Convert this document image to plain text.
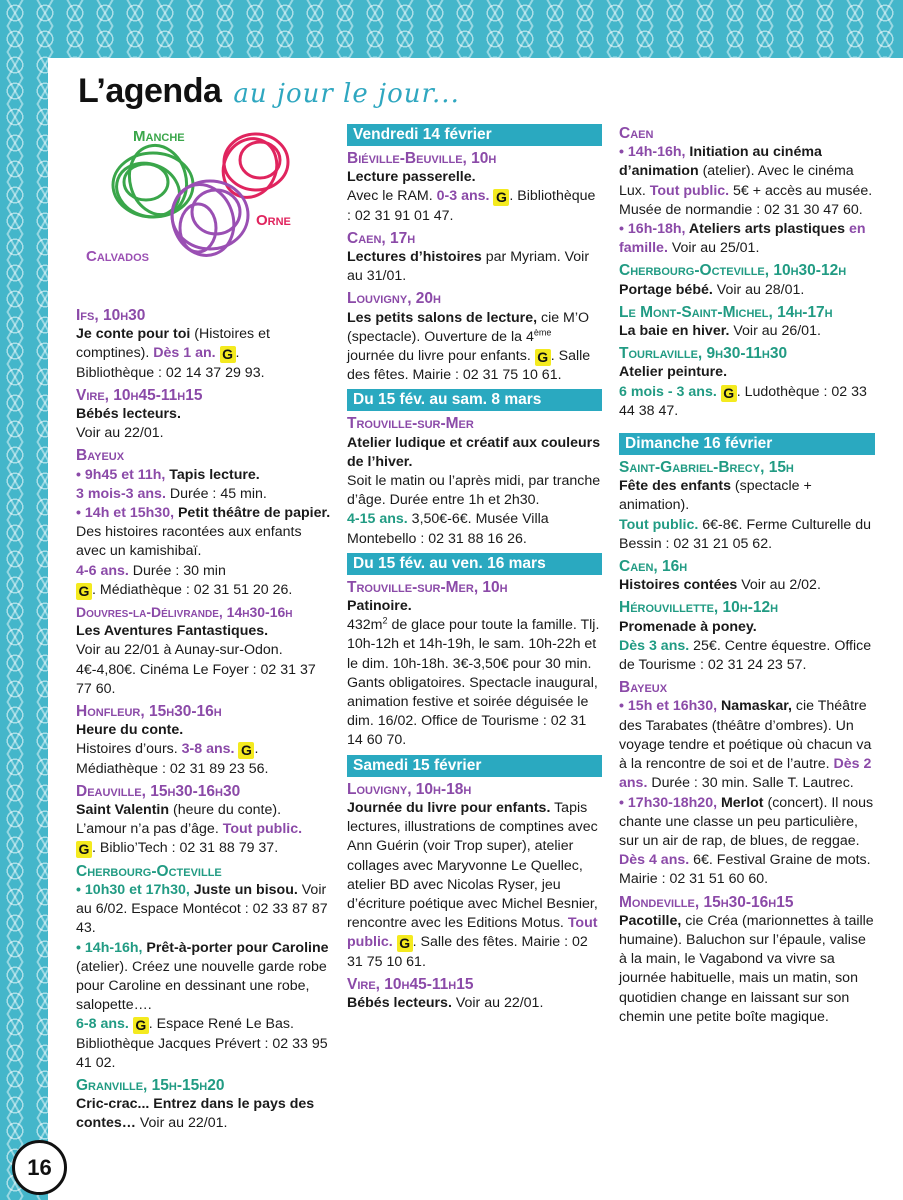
L’agenda au jour le jour...
Manche
Orne
Calvados
Ifs, 10h30
Je conte pour toi (Histoires et comptines). Dès 1 an. G .
Bibliothèque : 02 14 37 29 93.
Vire, 10h45-11h15
Bébés lecteurs.
Voir au 22/01.
Bayeux
• 9h45 et 11h, Tapis lecture.
3 mois-3 ans. Durée : 45 min.
• 14h et 15h30, Petit théâtre de papier. Des histoires racontées aux enfants avec un kamishibaï.
4-6 ans. Durée : 30 min
G . Médiathèque : 02 31 51 20 26.
Douvres-la-Délivrande, 14h30-16h
Les Aventures Fantastiques.
Voir au 22/01 à Aunay-sur-Odon. 4€-4,80€. Cinéma Le Foyer : 02 31 37 77 60.
Honfleur, 15h30-16h
Heure du conte.
Histoires d’ours. 3-8 ans. G . Médiathèque : 02 31 89 23 56.
Deauville, 15h30-16h30
Saint Valentin (heure du conte). L’amour n’a pas d’âge. Tout public.
G . Biblio’Tech : 02 31 88 79 37.
Cherbourg-Octeville
• 10h30 et 17h30, Juste un bisou. Voir au 6/02. Espace Montécot : 02 33 87 87 43.
• 14h-16h, Prêt-à-porter pour Caroline (atelier). Créez une nouvelle garde robe pour Caroline en dessinant une robe, salopette….
6-8 ans. G . Espace René Le Bas. Bibliothèque Jacques Prévert : 02 33 95 41 02.
Granville, 15h-15h20
Cric-crac... Entrez dans le pays des contes… Voir au 22/01.
Vendredi 14 février
Biéville-Beuville, 10h
Lecture passerelle.
Avec le RAM. 0-3 ans. G . Bibliothèque : 02 31 91 01 47.
Caen, 17h
Lectures d’histoires par Myriam. Voir au 31/01.
Louvigny, 20h
Les petits salons de lecture, cie M’O (spectacle). Ouverture de la 4ème journée du livre pour enfants. G . Salle des fêtes. Mairie : 02 31 75 10 61.
Du 15 fév. au sam. 8 mars
Trouville-sur-Mer
Atelier ludique et créatif aux couleurs de l’hiver.
Soit le matin ou l’après midi, par tranche d’âge. Durée entre 1h et 2h30.
4-15 ans. 3,50€-6€. Musée Villa Montebello : 02 31 88 16 26.
Du 15 fév. au ven. 16 mars
Trouville-sur-Mer, 10h
Patinoire.
$432m^2$ de glace pour toute la famille. Tlj. 10h-12h et 14h-19h, le sam. 10h-22h et le dim. 10h-18h. 3€-3,50€ pour 30 min. Gants obligatoires. Spectacle inaugural, animation festive et soirée déguisée le dim. 16/02. Office de Tourisme : 02 31 14 60 70.
Samedi 15 février
Louvigny, 10h-18h
Journée du livre pour enfants. Tapis lectures, illustrations de comptines avec Ann Guérin (voir Trop super), atelier collages avec Maryvonne Le Quellec, atelier BD avec Nicolas Ryser, jeu d’écriture poétique avec Michel Besnier, rencontre avec les Editions Motus. Tout public. G . Salle des fêtes. Mairie : 02 31 75 10 61.
Vire, 10h45-11h15
Bébés lecteurs. Voir au 22/01.
Caen
• 14h-16h, Initiation au cinéma d’animation (atelier). Avec le cinéma Lux. Tout public. 5€ + accès au musée. Musée de normandie : 02 31 30 47 60.
• 16h-18h, Ateliers arts plastiques en famille. Voir au 25/01.
Cherbourg-Octeville, 10h30-12h
Portage bébé. Voir au 28/01.
Le Mont-Saint-Michel, 14h-17h
La baie en hiver. Voir au 26/01.
Tourlaville, 9h30-11h30
Atelier peinture.
6 mois - 3 ans. G . Ludothèque : 02 33 44 38 47.
Dimanche 16 février
Saint-Gabriel-Brecy, 15h
Fête des enfants (spectacle + animation).
Tout public. 6€-8€. Ferme Culturelle du Bessin : 02 31 21 05 62.
Caen, 16h
Histoires contées Voir au 2/02.
Hérouvillette, 10h-12h
Promenade à poney.
Dès 3 ans. 25€. Centre équestre. Office de Tourisme : 02 31 24 23 57.
Bayeux
• 15h et 16h30, Namaskar, cie Théâtre des Tarabates (théâtre d’ombres). Un voyage tendre et poétique où chacun va à la rencontre de soi et de l’autre. Dès 2 ans. Durée : 30 min. Salle T. Lautrec.
• 17h30-18h20, Merlot (concert). Il nous chante une classe un peu particulière, sur un air de rap, de blues, de reggae. Dès 4 ans. 6€. Festival Graine de mots. Mairie : 02 31 51 60 60.
Mondeville, 15h30-16h15
Pacotille, cie Créa (marionnettes à taille humaine). Baluchon sur l’épaule, valise à la main, le Vagabond va vivre sa journée habituelle, mais un matin, son quotidien change en laissant sur son chemin une petite boîte magique.
16
